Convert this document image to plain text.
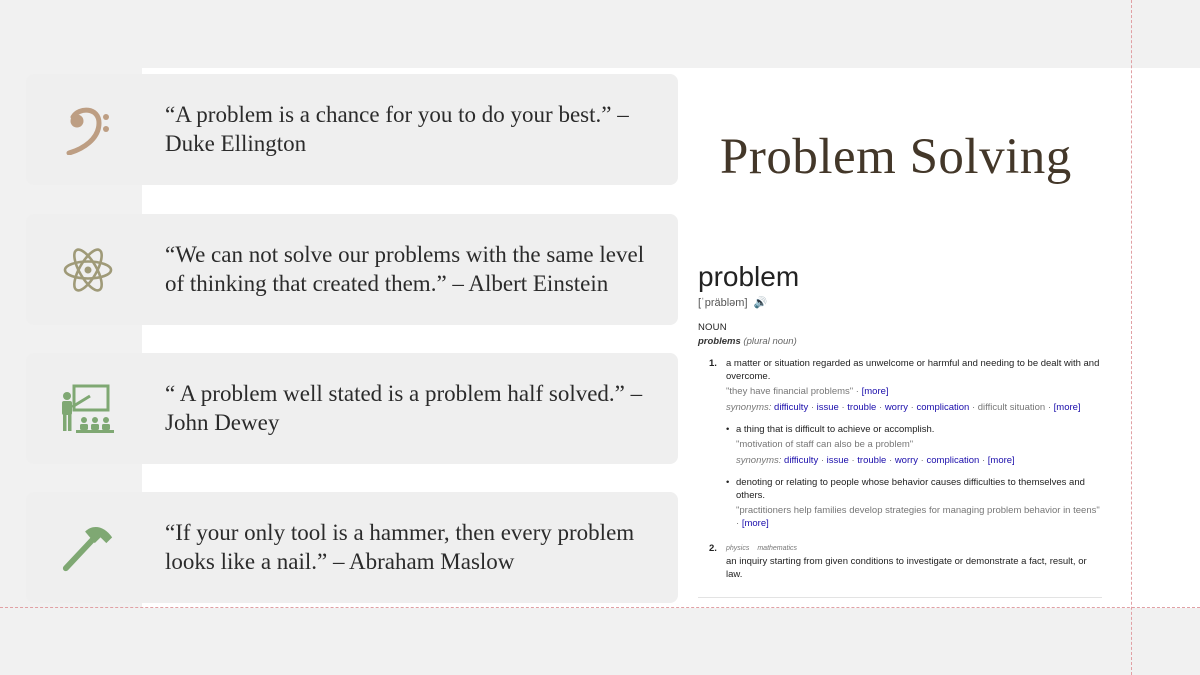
“A problem is a chance for you to do your best.” – Duke Ellington
“We can not solve our problems with the same level of thinking that created them.” – Albert Einstein
“ A problem well stated is a problem half solved.” – John Dewey
“If your only tool is a hammer, then every problem looks like a nail.” – Abraham Maslow
Problem Solving
problem
[ˈpräbləm] 🔊
NOUN
problems (plural noun)
1. a matter or situation regarded as unwelcome or harmful and needing to be dealt with and overcome.
"they have financial problems" · [more]
synonyms: difficulty · issue · trouble · worry · complication · difficult situation · [more]
• a thing that is difficult to achieve or accomplish.
"motivation of staff can also be a problem"
synonyms: difficulty · issue · trouble · worry · complication · [more]
• denoting or relating to people whose behavior causes difficulties to themselves and others.
"practitioners help families develop strategies for managing problem behavior in teens" · [more]
2. physics mathematics
an inquiry starting from given conditions to investigate or demonstrate a fact, result, or law.
